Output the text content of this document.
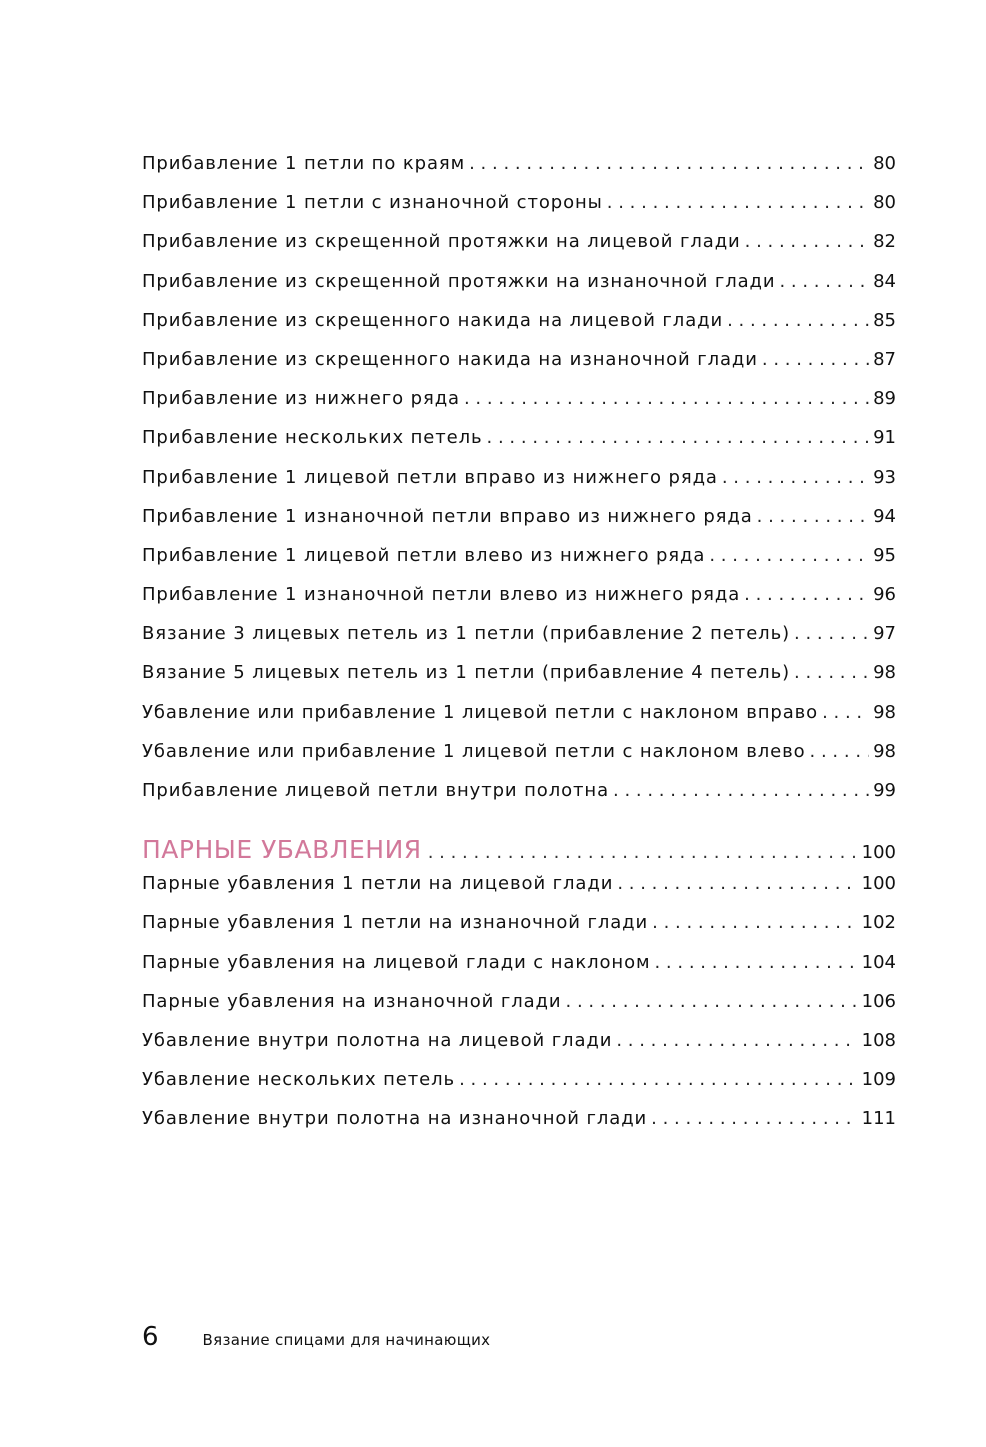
Прибавление 1 петли по краям . . .	80
Прибавление 1 петли с изнаночной стороны . . .	80
Прибавление из скрещенной протяжки на лицевой глади . . .	82
Прибавление из скрещенной протяжки на изнаночной глади . . .	84
Прибавление из скрещенного накида на лицевой глади . . .	85
Прибавление из скрещенного накида на изнаночной глади . . .	87
Прибавление из нижнего ряда . . .	89
Прибавление нескольких петель . . .	91
Прибавление 1 лицевой петли вправо из нижнего ряда . . .	93
Прибавление 1 изнаночной петли вправо из нижнего ряда . . .	94
Прибавление 1 лицевой петли влево из нижнего ряда . . .	95
Прибавление 1 изнаночной петли влево из нижнего ряда . . .	96
Вязание 3 лицевых петель из 1 петли (прибавление 2 петель) . . .	97
Вязание 5 лицевых петель из 1 петли (прибавление 4 петель) . . .	98
Убавление или прибавление 1 лицевой петли с наклоном вправо . . .	98
Убавление или прибавление 1 лицевой петли с наклоном влево . . .	98
Прибавление лицевой петли внутри полотна . . .	99
ПАРНЫЕ УБАВЛЕНИЯ . . .	100
Парные убавления 1 петли на лицевой глади . . .	100
Парные убавления 1 петли на изнаночной глади . . .	102
Парные убавления на лицевой глади с наклоном . . .	104
Парные убавления на изнаночной глади . . .	106
Убавление внутри полотна на лицевой глади . . .	108
Убавление нескольких петель . . .	109
Убавление внутри полотна на изнаночной глади . . .	111
6	Вязание спицами для начинающих
